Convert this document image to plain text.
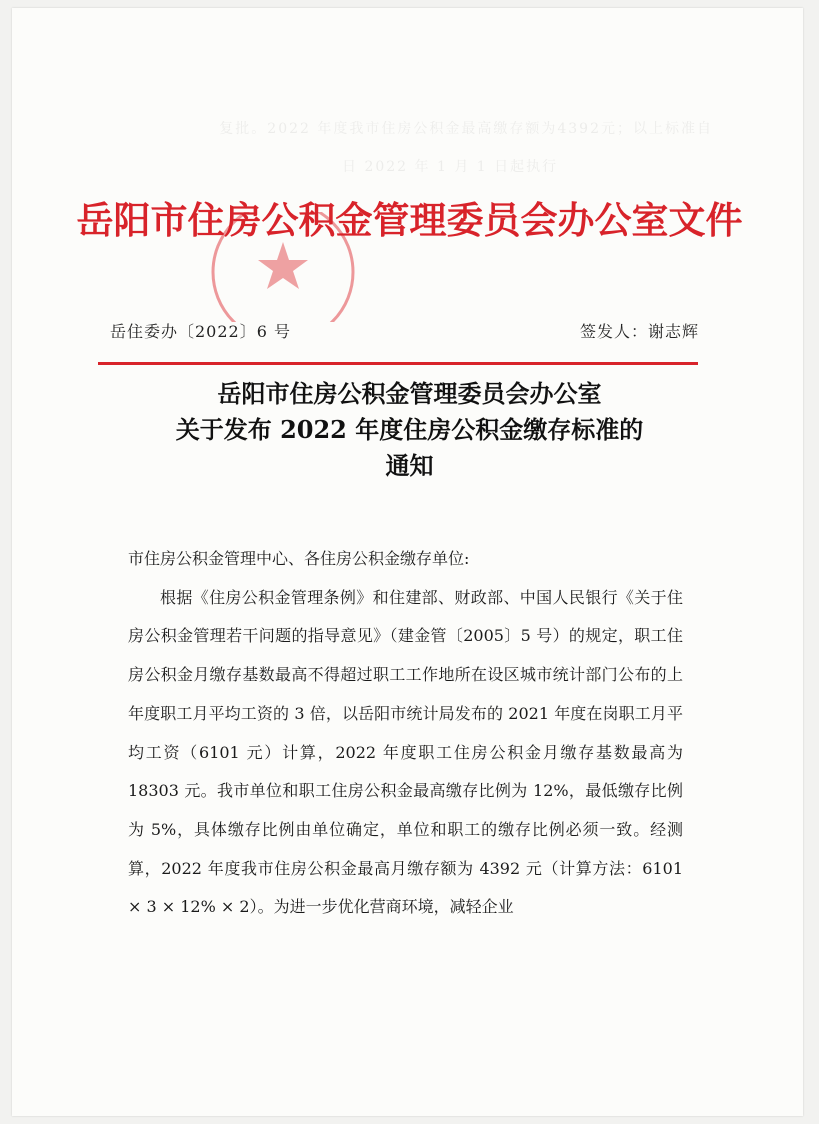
复批。2022 年度我市住房公积金最高缴存额为4392元；以上标准自
日 2022 年 1 月 1 日起执行
岳阳市住房公积金管理委员会办公室文件
岳住委办〔2022〕6 号	签发人：谢志辉
岳阳市住房公积金管理委员会办公室
关于发布 2022 年度住房公积金缴存标准的
通知

市住房公积金管理中心、各住房公积金缴存单位:

根据《住房公积金管理条例》和住建部、财政部、中国人民银行《关于住房公积金管理若干问题的指导意见》（建金管〔2005〕5 号）的规定，职工住房公积金月缴存基数最高不得超过职工工作地所在设区城市统计部门公布的上年度职工月平均工资的 3 倍，以岳阳市统计局发布的 2021 年度在岗职工月平均工资（6101 元）计算，2022 年度职工住房公积金月缴存基数最高为 18303 元。我市单位和职工住房公积金最高缴存比例为 12%，最低缴存比例为 5%，具体缴存比例由单位确定，单位和职工的缴存比例必须一致。经测算，2022 年度我市住房公积金最高月缴存额为 4392 元（计算方法：6101 × 3 × 12% × 2）。为进一步优化营商环境，减轻企业
